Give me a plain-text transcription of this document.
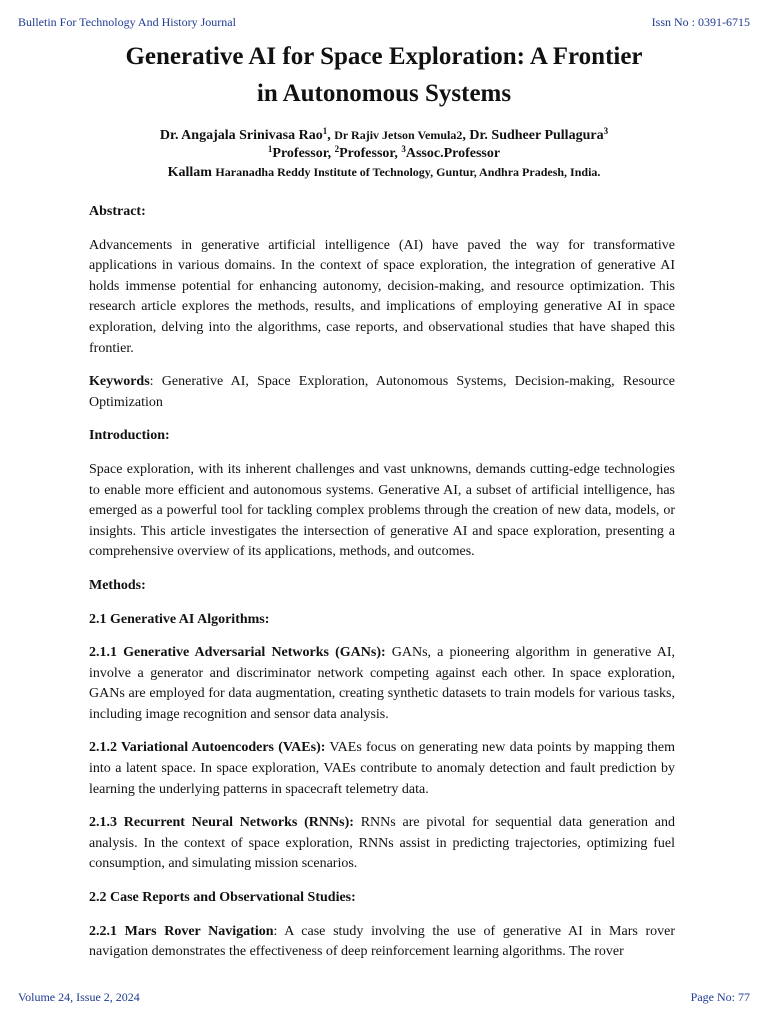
Bulletin For Technology And History Journal	Issn No : 0391-6715
Generative AI for Space Exploration: A Frontier
in Autonomous Systems
Dr. Angajala Srinivasa Rao$^1$, Dr Rajiv Jetson Vemula2, Dr. Sudheer Pullagura$^3$
$^1$Professor, $^2$Professor, $^3$Assoc.Professor
Kallam Haranadha Reddy Institute of Technology, Guntur, Andhra Pradesh, India.

Abstract:

Advancements in generative artificial intelligence (AI) have paved the way for transformative applications in various domains. In the context of space exploration, the integration of generative AI holds immense potential for enhancing autonomy, decision-making, and resource optimization. This research article explores the methods, results, and implications of employing generative AI in space exploration, delving into the algorithms, case reports, and observational studies that have shaped this frontier.

Keywords: Generative AI, Space Exploration, Autonomous Systems, Decision-making, Resource Optimization

Introduction:

Space exploration, with its inherent challenges and vast unknowns, demands cutting-edge technologies to enable more efficient and autonomous systems. Generative AI, a subset of artificial intelligence, has emerged as a powerful tool for tackling complex problems through the creation of new data, models, or insights. This article investigates the intersection of generative AI and space exploration, presenting a comprehensive overview of its applications, methods, and outcomes.

Methods:

2.1 Generative AI Algorithms:

2.1.1 Generative Adversarial Networks (GANs): GANs, a pioneering algorithm in generative AI, involve a generator and discriminator network competing against each other. In space exploration, GANs are employed for data augmentation, creating synthetic datasets to train models for various tasks, including image recognition and sensor data analysis.

2.1.2 Variational Autoencoders (VAEs): VAEs focus on generating new data points by mapping them into a latent space. In space exploration, VAEs contribute to anomaly detection and fault prediction by learning the underlying patterns in spacecraft telemetry data.

2.1.3 Recurrent Neural Networks (RNNs): RNNs are pivotal for sequential data generation and analysis. In the context of space exploration, RNNs assist in predicting trajectories, optimizing fuel consumption, and simulating mission scenarios.

2.2 Case Reports and Observational Studies:

2.2.1 Mars Rover Navigation: A case study involving the use of generative AI in Mars rover navigation demonstrates the effectiveness of deep reinforcement learning algorithms. The rover

Volume 24, Issue 2, 2024	Page No: 77
